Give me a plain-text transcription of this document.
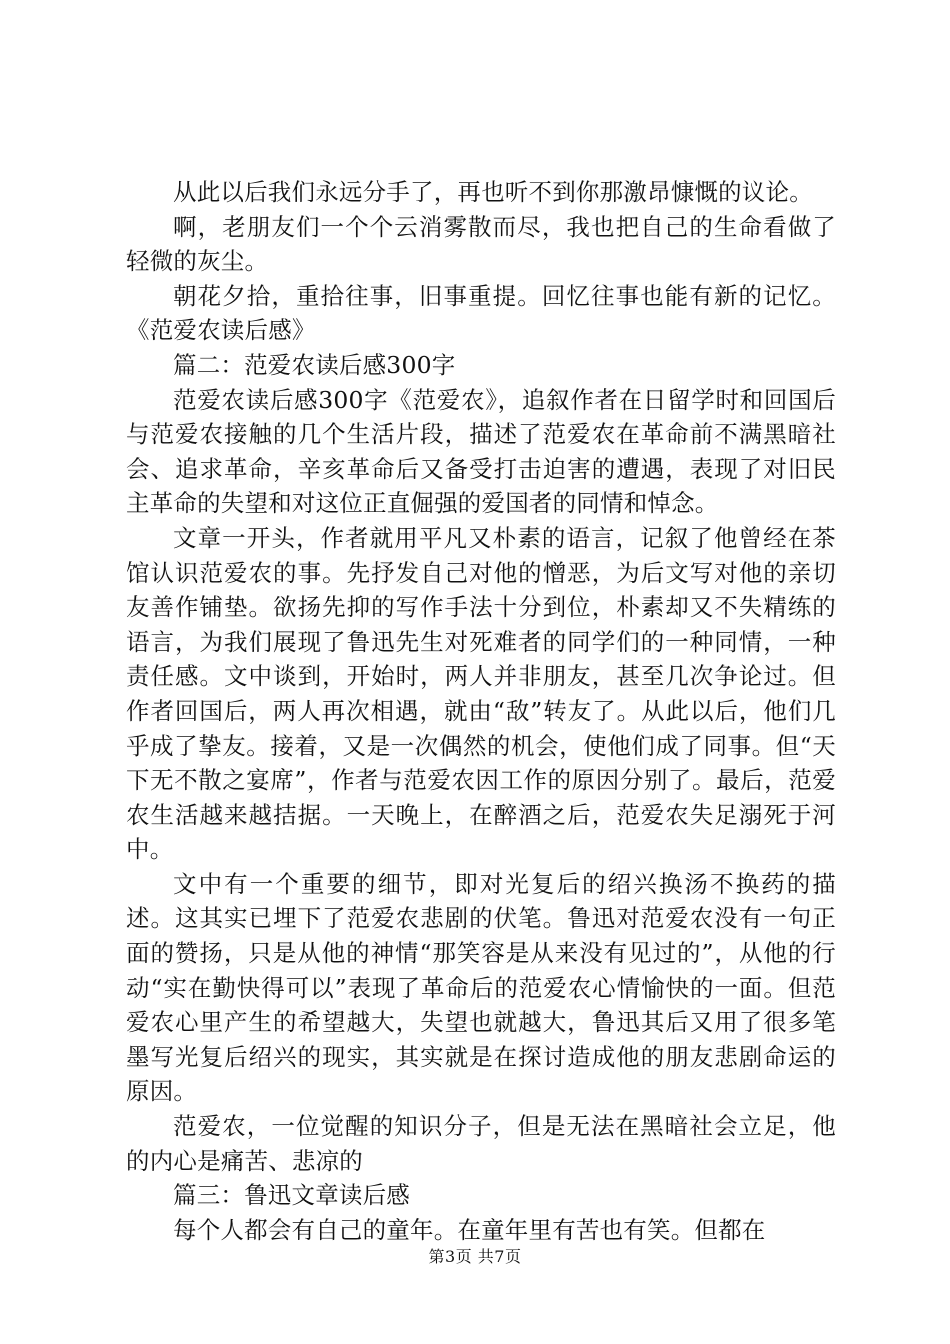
从此以后我们永远分手了，再也听不到你那激昂慷慨的议论。

啊，老朋友们一个个云消雾散而尽，我也把自己的生命看做了轻微的灰尘。

朝花夕拾，重拾往事，旧事重提。回忆往事也能有新的记忆。《范爱农读后感》

篇二：范爱农读后感300字

范爱农读后感300字《范爱农》，追叙作者在日留学时和回国后与范爱农接触的几个生活片段，描述了范爱农在革命前不满黑暗社会、追求革命，辛亥革命后又备受打击迫害的遭遇，表现了对旧民主革命的失望和对这位正直倔强的爱国者的同情和悼念。

文章一开头，作者就用平凡又朴素的语言，记叙了他曾经在茶馆认识范爱农的事。先抒发自己对他的憎恶，为后文写对他的亲切友善作铺垫。欲扬先抑的写作手法十分到位，朴素却又不失精练的语言，为我们展现了鲁迅先生对死难者的同学们的一种同情，一种责任感。文中谈到，开始时，两人并非朋友，甚至几次争论过。但作者回国后，两人再次相遇，就由“敌”转友了。从此以后，他们几乎成了挚友。接着，又是一次偶然的机会，使他们成了同事。但“天下无不散之宴席”，作者与范爱农因工作的原因分别了。最后，范爱农生活越来越拮据。一天晚上，在醉酒之后，范爱农失足溺死于河中。

文中有一个重要的细节，即对光复后的绍兴换汤不换药的描述。这其实已埋下了范爱农悲剧的伏笔。鲁迅对范爱农没有一句正面的赞扬，只是从他的神情“那笑容是从来没有见过的”，从他的行动“实在勤快得可以”表现了革命后的范爱农心情愉快的一面。但范爱农心里产生的希望越大，失望也就越大，鲁迅其后又用了很多笔墨写光复后绍兴的现实，其实就是在探讨造成他的朋友悲剧命运的原因。

范爱农，一位觉醒的知识分子，但是无法在黑暗社会立足，他的内心是痛苦、悲凉的

篇三：鲁迅文章读后感

每个人都会有自己的童年。在童年里有苦也有笑。但都在

第3页 共7页
